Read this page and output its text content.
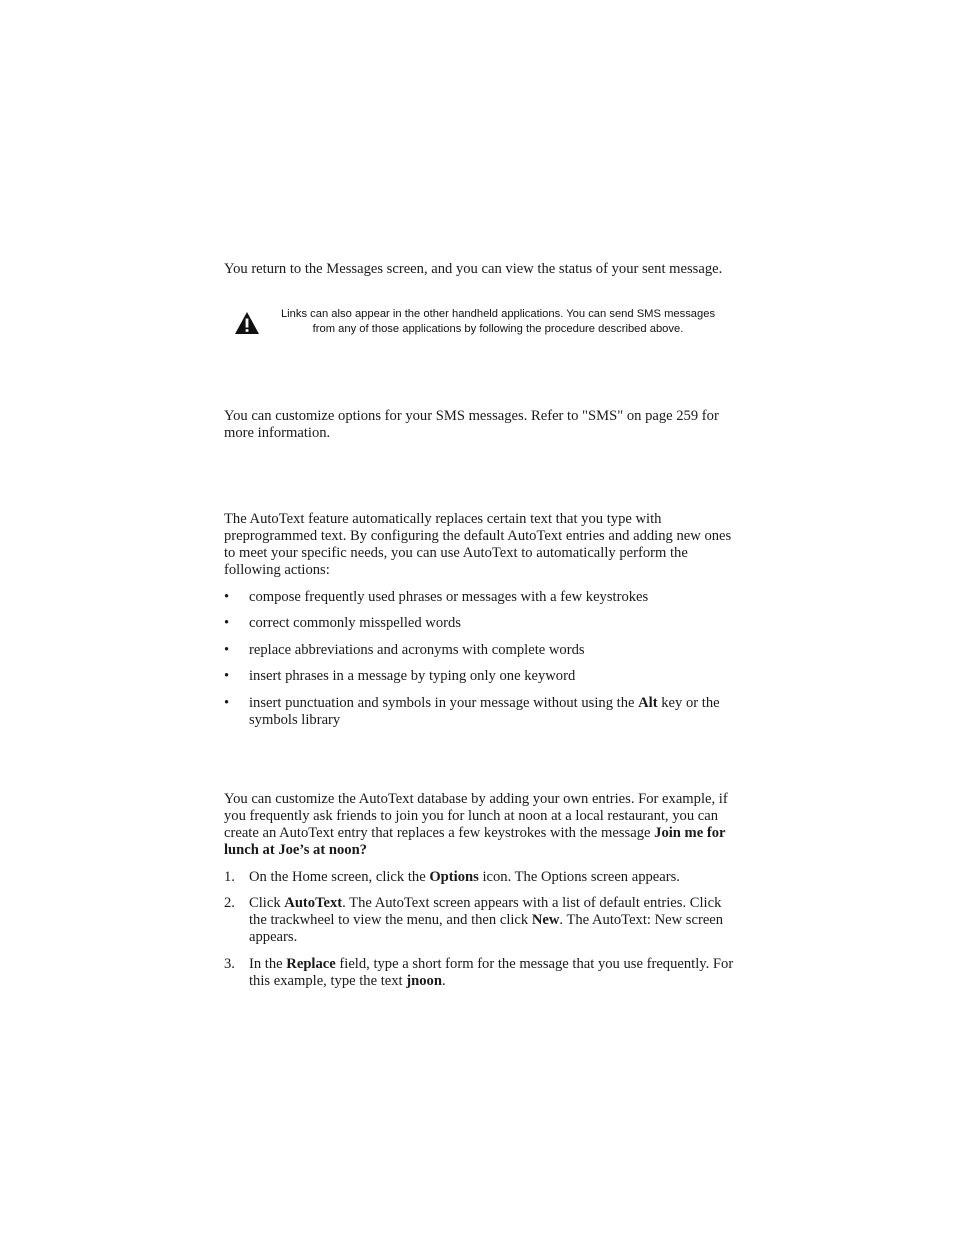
You return to the Messages screen, and you can view the status of your sent message.

Links can also appear in the other handheld applications. You can send SMS messages from any of those applications by following the procedure described above.

You can customize options for your SMS messages. Refer to "SMS" on page 259 for more information.

The AutoText feature automatically replaces certain text that you type with preprogrammed text. By configuring the default AutoText entries and adding new ones to meet your specific needs, you can use AutoText to automatically perform the following actions:

•	compose frequently used phrases or messages with a few keystrokes
•	correct commonly misspelled words
•	replace abbreviations and acronyms with complete words
•	insert phrases in a message by typing only one keyword
•	insert punctuation and symbols in your message without using the Alt key or the symbols library

You can customize the AutoText database by adding your own entries. For example, if you frequently ask friends to join you for lunch at noon at a local restaurant, you can create an AutoText entry that replaces a few keystrokes with the message Join me for lunch at Joe’s at noon?

1. On the Home screen, click the Options icon. The Options screen appears.
2. Click AutoText. The AutoText screen appears with a list of default entries. Click the trackwheel to view the menu, and then click New. The AutoText: New screen appears.
3. In the Replace field, type a short form for the message that you use frequently. For this example, type the text jnoon.
